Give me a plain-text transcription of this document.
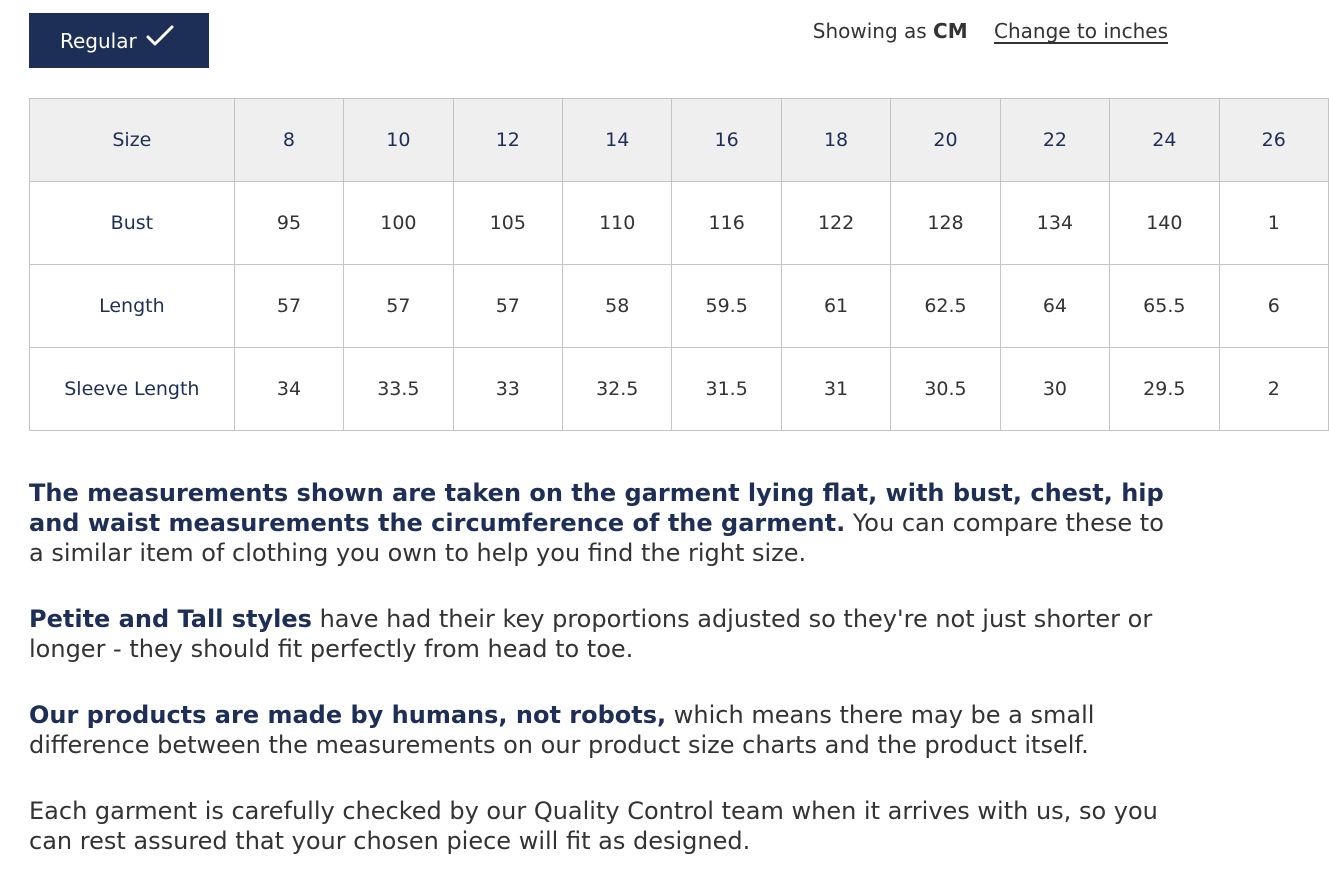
Regular	Showing as CM Change to inches
Size	8	10	12	14	16	18	20	22	24	26
Bust	95	100	105	110	116	122	128	134	140	1
Length	57	57	57	58	59.5	61	62.5	64	65.5	6
Sleeve Length	34	33.5	33	32.5	31.5	31	30.5	30	29.5	2

The measurements shown are taken on the garment lying flat, with bust, chest, hip and waist measurements the circumference of the garment. You can compare these to a similar item of clothing you own to help you find the right size.

Petite and Tall styles have had their key proportions adjusted so they're not just shorter or longer - they should fit perfectly from head to toe.

Our products are made by humans, not robots, which means there may be a small difference between the measurements on our product size charts and the product itself.

Each garment is carefully checked by our Quality Control team when it arrives with us, so you can rest assured that your chosen piece will fit as designed.
